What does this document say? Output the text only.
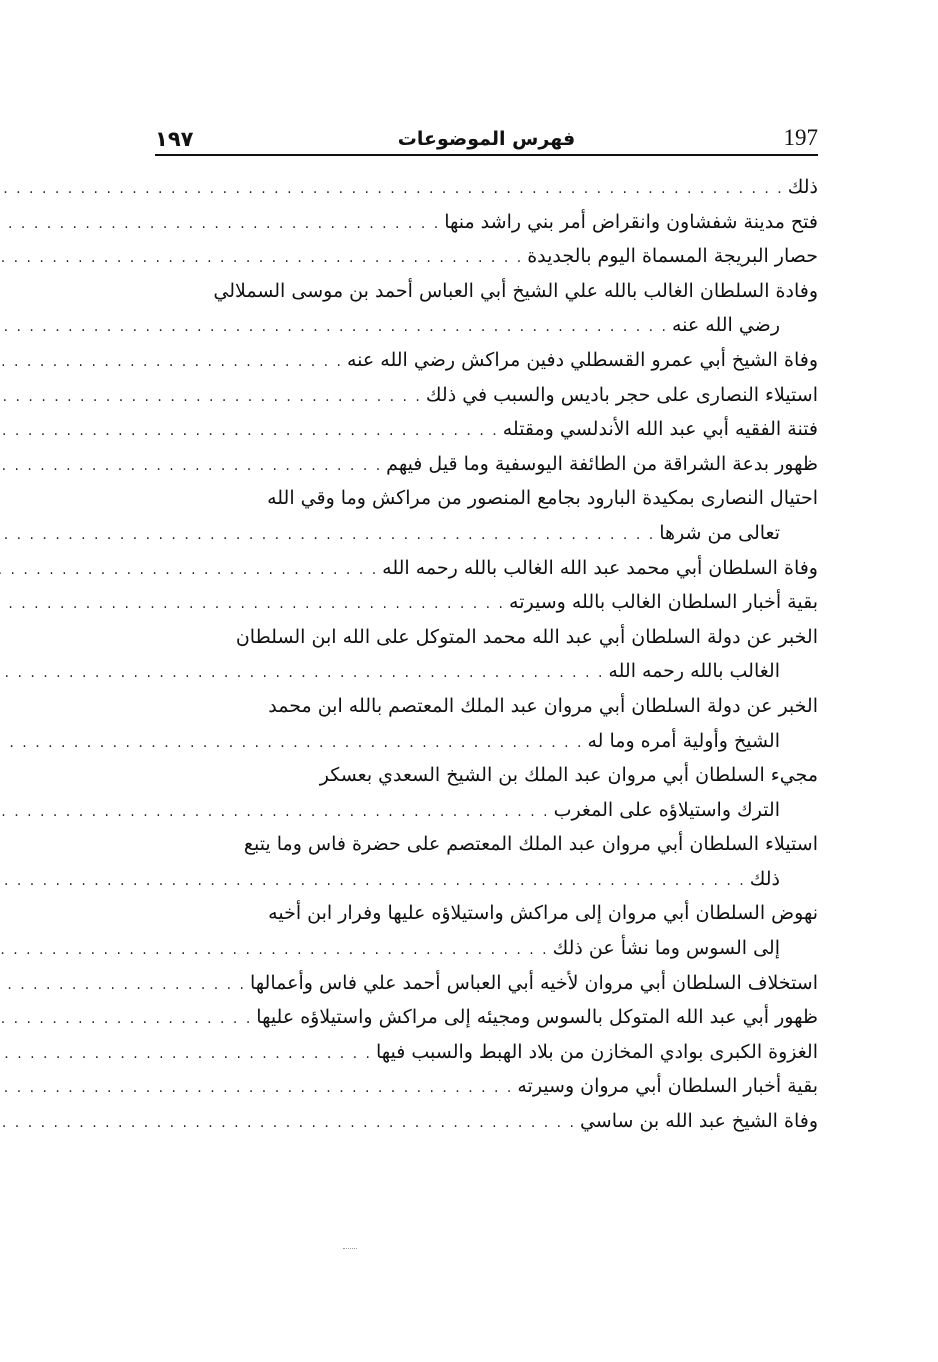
197
فهرس الموضوعات
١٩٧
ذلك
. . .
فتح مدينة شفشاون وانقراض أمر بني راشد منها
. . .
حصار البريجة المسماة اليوم بالجديدة
. . .
وفادة السلطان الغالب بالله علي الشيخ أبي العباس أحمد بن موسى السملالي
رضي الله عنه
. . .
وفاة الشيخ أبي عمرو القسطلي دفين مراكش رضي الله عنه
. . .
استيلاء النصارى على حجر باديس والسبب في ذلك
. . .
فتنة الفقيه أبي عبد الله الأندلسي ومقتله
. . .
ظهور بدعة الشراقة من الطائفة اليوسفية وما قيل فيهم
. . .
احتيال النصارى بمكيدة البارود بجامع المنصور من مراكش وما وقي الله
تعالى من شرها
. . .
وفاة السلطان أبي محمد عبد الله الغالب بالله رحمه الله
. . .
بقية أخبار السلطان الغالب بالله وسيرته
. . .
الخبر عن دولة السلطان أبي عبد الله محمد المتوكل على الله ابن السلطان
الغالب بالله رحمه الله
. . .
الخبر عن دولة السلطان أبي مروان عبد الملك المعتصم بالله ابن محمد
الشيخ وأولية أمره وما له
. . .
مجيء السلطان أبي مروان عبد الملك بن الشيخ السعدي بعسكر
الترك واستيلاؤه على المغرب
. . .
استيلاء السلطان أبي مروان عبد الملك المعتصم على حضرة فاس وما يتبع
ذلك
. . .
نهوض السلطان أبي مروان إلى مراكش واستيلاؤه عليها وفرار ابن أخيه
إلى السوس وما نشأ عن ذلك
. . .
استخلاف السلطان أبي مروان لأخيه أبي العباس أحمد علي فاس وأعمالها
. . .
ظهور أبي عبد الله المتوكل بالسوس ومجيئه إلى مراكش واستيلاؤه عليها
. . .
الغزوة الكبرى بوادي المخازن من بلاد الهبط والسبب فيها
. . .
بقية أخبار السلطان أبي مروان وسيرته
. . .
وفاة الشيخ عبد الله بن ساسي
. . .
